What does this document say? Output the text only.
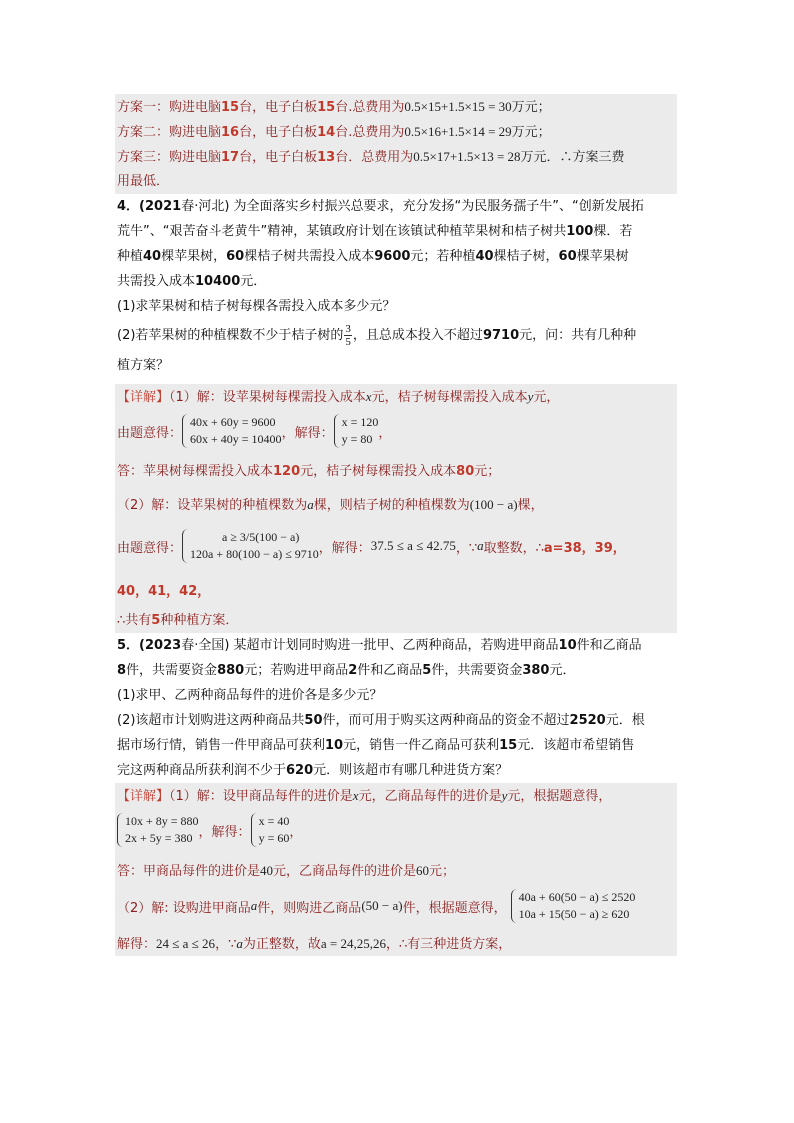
方案一：购进电脑15台，电子白板15台.总费用为0.5×15+1.5×15 = 30万元；
方案二：购进电脑16台，电子白板14台.总费用为0.5×16+1.5×14 = 29万元；
方案三：购进电脑17台，电子白板13台．总费用为0.5×17+1.5×13 = 28万元．∴方案三费
用最低．
4．(2021春·河北) 为全面落实乡村振兴总要求，充分发扬“为民服务孺子牛”、“创新发展拓
荒牛”、“艰苦奋斗老黄牛”精神，某镇政府计划在该镇试种植苹果树和桔子树共100棵．若
种植40棵苹果树，60棵桔子树共需投入成本9600元；若种植40棵桔子树，60棵苹果树
共需投入成本10400元．
(1)求苹果树和桔子树每棵各需投入成本多少元？
(2)若苹果树的种植棵数不少于桔子树的 $\frac{3}{5}$ ，且总成本投入不超过9710元，问：共有几种种
植方案？
【详解】（1）解：设苹果树每棵需投入成本x元，桔子树每棵需投入成本y元，
由题意得：
40x + 60y = 9600
60x + 40y = 10400 ，解得：
x = 120
y = 80 ，
答：苹果树每棵需投入成本120元，桔子树每棵需投入成本80元；
（2）解：设苹果树的种植棵数为a棵，则桔子树的种植棵数为(100 − a)棵，
由题意得：
a ≥ 3/5(100 − a)
120a + 80(100 − a) ≤ 9710 ，解得： 37.5 ≤ a ≤ 42.75 ，∵ a 取整数，∴ a=38，39，
40，41，42，
∴共有5种种植方案．
5．(2023春·全国) 某超市计划同时购进一批甲、乙两种商品，若购进甲商品10件和乙商品
8件，共需要资金880元；若购进甲商品2件和乙商品5件，共需要资金380元．
(1)求甲、乙两种商品每件的进价各是多少元？
(2)该超市计划购进这两种商品共50件，而可用于购买这两种商品的资金不超过2520元．根
据市场行情，销售一件甲商品可获利10元，销售一件乙商品可获利15元．该超市希望销售
完这两种商品所获利润不少于620元．则该超市有哪几种进货方案？
【详解】（1）解：设甲商品每件的进价是x元，乙商品每件的进价是y元，根据题意得，
10x + 8y = 880
2x + 5y = 380 ，解得：
x = 40
y = 60 ，
答：甲商品每件的进价是40元，乙商品每件的进价是60元；
（2）解: 设购进甲商品 a 件，则购进乙商品 (50 − a) 件，根据题意得，
40a + 60(50 − a) ≤ 2520
10a + 15(50 − a) ≥ 620
解得：24 ≤ a ≤ 26，∵a为正整数，故a = 24,25,26，∴有三种进货方案，
